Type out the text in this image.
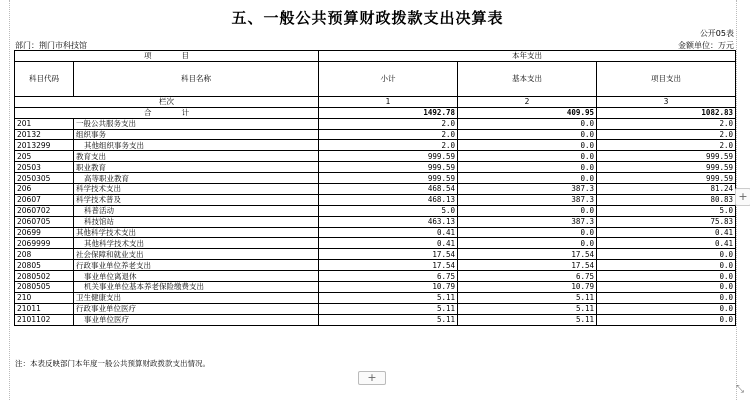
五、一般公共预算财政拨款支出决算表
公开05表
部门：荆门市科技馆	金额单位：万元
项　　　　目		本年支出		
科目代码	科目名称	小计	基本支出	项目支出
栏次		1	2	3
合　　　　计		1492.78	409.95	1082.83
201	一般公共服务支出	2.0	0.0	2.0
20132	组织事务	2.0	0.0	2.0
2013299	其他组织事务支出	2.0	0.0	2.0
205	教育支出	999.59	0.0	999.59
20503	职业教育	999.59	0.0	999.59
2050305	高等职业教育	999.59	0.0	999.59
206	科学技术支出	468.54	387.3	81.24
20607	科学技术普及	468.13	387.3	80.83
2060702	科普活动	5.0	0.0	5.0
2060705	科技馆站	463.13	387.3	75.83
20699	其他科学技术支出	0.41	0.0	0.41
2069999	其他科学技术支出	0.41	0.0	0.41
208	社会保障和就业支出	17.54	17.54	0.0
20805	行政事业单位养老支出	17.54	17.54	0.0
2080502	事业单位离退休	6.75	6.75	0.0
2080505	机关事业单位基本养老保险缴费支出	10.79	10.79	0.0
210	卫生健康支出	5.11	5.11	0.0
21011	行政事业单位医疗	5.11	5.11	0.0
2101102	事业单位医疗	5.11	5.11	0.0
注：本表反映部门本年度一般公共预算财政拨款支出情况。
+
+
⤡
